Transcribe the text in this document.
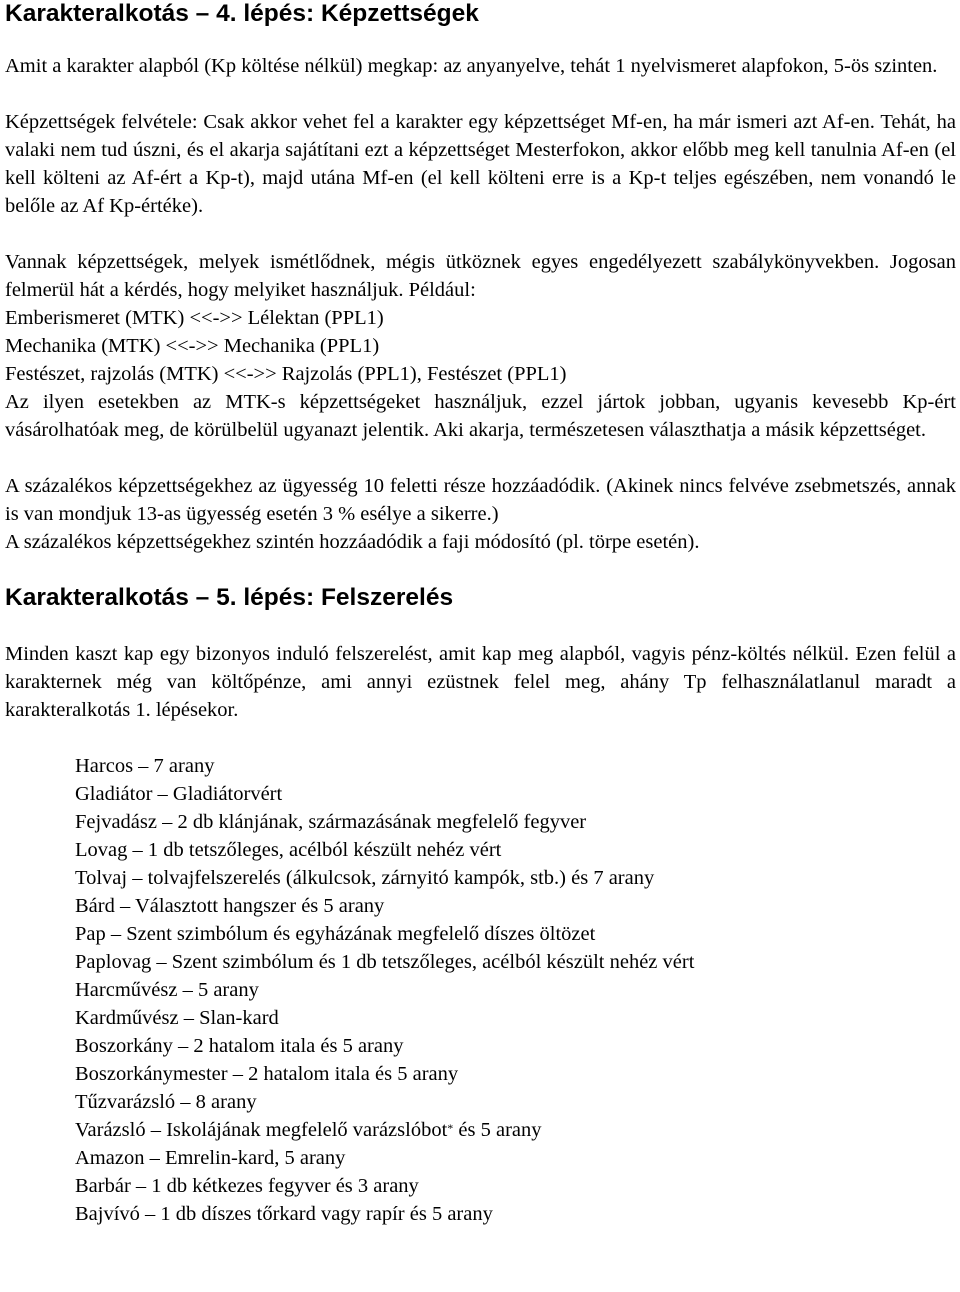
Karakteralkotás – 4. lépés: Képzettségek

Amit a karakter alapból (Kp költése nélkül) megkap: az anyanyelve, tehát 1 nyelvismeret alapfokon, 5-ös szinten.

Képzettségek felvétele: Csak akkor vehet fel a karakter egy képzettséget Mf-en, ha már ismeri azt Af-en. Tehát, ha valaki nem tud úszni, és el akarja sajátítani ezt a képzettséget Mesterfokon, akkor előbb meg kell tanulnia Af-en (el kell költeni az Af-ért a Kp-t), majd utána Mf-en (el kell költeni erre is a Kp-t teljes egészében, nem vonandó le belőle az Af Kp-értéke).

Vannak képzettségek, melyek ismétlődnek, mégis ütköznek egyes engedélyezett szabálykönyvekben. Jogosan felmerül hát a kérdés, hogy melyiket használjuk. Például:

Emberismeret (MTK) <<->> Lélektan (PPL1)
Mechanika (MTK) <<->> Mechanika (PPL1)
Festészet, rajzolás (MTK) <<->> Rajzolás (PPL1), Festészet (PPL1)

Az ilyen esetekben az MTK-s képzettségeket használjuk, ezzel jártok jobban, ugyanis kevesebb Kp-ért vásárolhatóak meg, de körülbelül ugyanazt jelentik. Aki akarja, természetesen választhatja a másik képzettséget.

A százalékos képzettségekhez az ügyesség 10 feletti része hozzáadódik. (Akinek nincs felvéve zsebmetszés, annak is van mondjuk 13-as ügyesség esetén 3 % esélye a sikerre.)

A százalékos képzettségekhez szintén hozzáadódik a faji módosító (pl. törpe esetén).

Karakteralkotás – 5. lépés: Felszerelés

Minden kaszt kap egy bizonyos induló felszerelést, amit kap meg alapból, vagyis pénz-költés nélkül. Ezen felül a karakternek még van költőpénze, ami annyi ezüstnek felel meg, ahány Tp felhasználatlanul maradt a karakteralkotás 1. lépésekor.

Harcos – 7 arany
Gladiátor – Gladiátorvért
Fejvadász – 2 db klánjának, származásának megfelelő fegyver
Lovag – 1 db tetszőleges, acélból készült nehéz vért
Tolvaj – tolvajfelszerelés (álkulcsok, zárnyitó kampók, stb.) és 7 arany
Bárd – Választott hangszer és 5 arany
Pap – Szent szimbólum és egyházának megfelelő díszes öltözet
Paplovag – Szent szimbólum és 1 db tetszőleges, acélból készült nehéz vért
Harcművész – 5 arany
Kardművész – Slan-kard
Boszorkány – 2 hatalom itala és 5 arany
Boszorkánymester – 2 hatalom itala és 5 arany
Tűzvarázsló – 8 arany
Varázsló – Iskolájának megfelelő varázslóbot* és 5 arany
Amazon – Emrelin-kard, 5 arany
Barbár – 1 db kétkezes fegyver és 3 arany
Bajvívó – 1 db díszes tőrkard vagy rapír és 5 arany
